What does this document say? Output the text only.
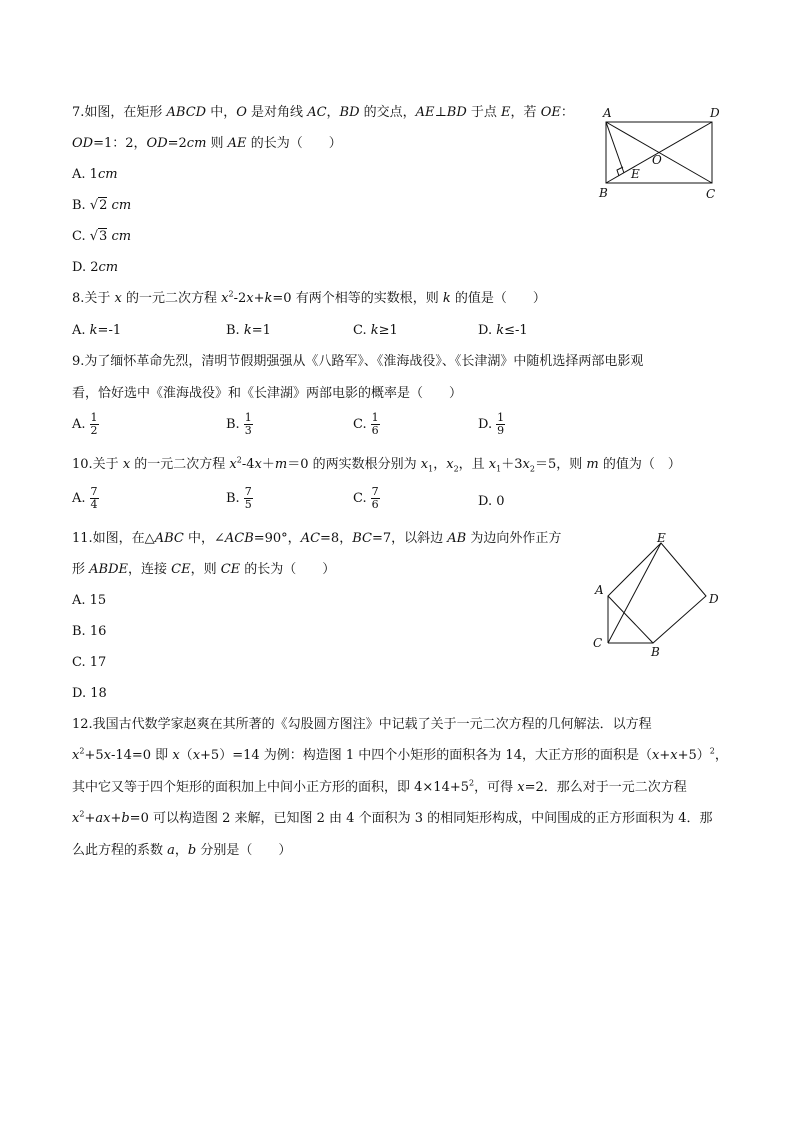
7.如图，在矩形 ABCD 中，O 是对角线 AC，BD 的交点，AE⊥BD 于点 E，若 OE：
OD=1：2，OD=2cm 则 AE 的长为（　　）
A. 1cm
B. √2 cm
C. √3 cm
D. 2cm
A	D
B	C
O
E
8.关于 x 的一元二次方程 $x^2-2x+k=0$ 有两个相等的实数根，则 k 的值是（　　）
A. k=-1	B. k=1	C. k≥1	D. k≤-1
9.为了缅怀革命先烈，清明节假期强强从《八路军》、《淮海战役》、《长津湖》中随机选择两部电影观
看，恰好选中《淮海战役》和《长津湖》两部电影的概率是（　　）
A. $\frac{1}{2}$	B. $\frac{1}{3}$	C. $\frac{1}{6}$	D. $\frac{1}{9}$
10.关于 x 的一元二次方程 $x^2-4x+m=0$ 的两实数根分别为 $x_1$，$x_2$，且 $x_1+3x_2=5$，则 m 的值为（　）
A. $\frac{7}{4}$	B. $\frac{7}{5}$	C. $\frac{7}{6}$	D. 0
11.如图，在△ABC 中，∠ACB=90°，AC=8，BC=7，以斜边 AB 为边向外作正方
形 ABDE，连接 CE，则 CE 的长为（　　）
A. 15
B. 16
C. 17
D. 18
A
C
B
D
E
12.我国古代数学家赵爽在其所著的《勾股圆方图注》中记载了关于一元二次方程的几何解法．以方程
$x^2+5x-14=0$ 即 x（x+5）=14 为例：构造图 1 中四个小矩形的面积各为 14，大正方形的面积是$(x+x+5)^2$，
其中它又等于四个矩形的面积加上中间小正方形的面积，即 $4\times 14+5^2$，可得 x=2．那么对于一元二次方程
$x^2+ax+b=0$ 可以构造图 2 来解，已知图 2 由 4 个面积为 3 的相同矩形构成，中间围成的正方形面积为 4．那
么此方程的系数 a，b 分别是（　　）
